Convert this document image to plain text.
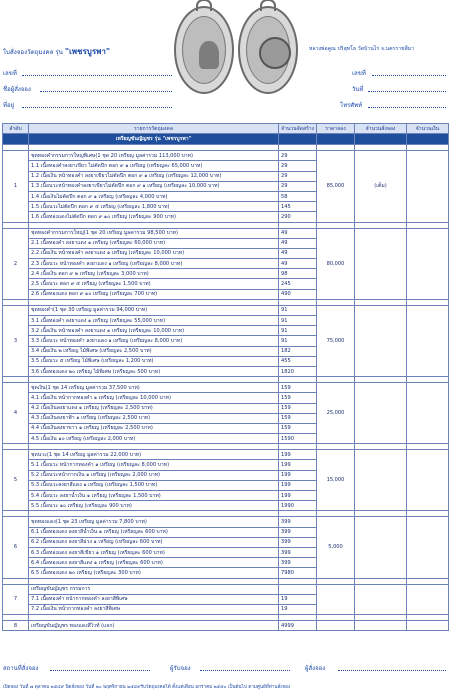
ใบสั่งจองวัตถุมงคล รุ่น "เพชรบูรพา"	หลวงพ่อคูณ ปริสุทโธ วัดบ้านไร่ จ.นครราชสีมา
เลขที่	เลขที่
ชื่อผู้สั่งจอง	วันที่
ที่อยู่	โทรศัพท์
ลำดับ	รายการวัตถุมงคล	จำนวนจัดสร้าง	ราคาจอง	จำนวนสั่งจอง	จำนวนเงิน
	เหรียญขันญัญชร รุ่น "เพชรบูรพา"				

1	ชุดทองคำกรรมการใหญ่พิเศษ(1 ชุด 20 เหรียญ มูลค่ารวม 113,000 บาท)	29	85,000	(เต็ม)	
	1.1 เนื้อทองคำลงยาเขียว ไม่ตัดปีก ตอก ๙ ๑ เหรียญ (เหรียญละ 65,000 บาท)	29			
	1.2 เนื้อเงิน หน้าทองคำ ลงยาเขียวไม่ตัดปีก ตอก ๙ ๑ เหรียญ (เหรียญละ 12,000 บาท)	29			
	1.3 เนื้อนวะหน้าทองคำลงยาเขียวไม่ตัดปีก ตอก ๙ ๑ เหรียญ (เหรียญละ 10,000 บาท)	29			
	1.4 เนื้อเงินไม่ตัดปีก ตอก ๙ ๑ เหรียญ (เหรียญละ 4,000 บาท)	58			
	1.5 เนื้อนวะไม่ตัดปีก ตอก ๙ ๕ เหรียญ (เหรียญละ 1,800 บาท)	145			
	1.6 เนื้อทองแดงไม่ตัดปีก ตอก ๙ ๑๐ เหรียญ (เหรียญละ 900 บาท)	290			

2	ชุดทองคำกรรมการใหญ่(1 ชุด 20 เหรียญ มูลค่ารวม 98,500 บาท)	49	80,000		
	2.1 เนื้อทองคำ ลงยาแดง ๑ เหรียญ (เหรียญละ 60,000 บาท)	49			
	2.2 เนื้อเงิน หน้าทองคำ ลงยาแดง ๑ เหรียญ (เหรียญละ 10,000 บาท)	49			
	2.3 เนื้อนวะ หน้าทองคำ ลงยาแดง ๑ เหรียญ (เหรียญละ 8,000 บาท)	49			
	2.4 เนื้อเงิน ตอก ๙ ๒ เหรียญ (เหรียญละ 3,000 บาท)	98			
	2.5 เนื้อนวะ ตอก ๙ ๕ เหรียญ (เหรียญละ 1,500 บาท)	245			
	2.6 เนื้อทองแดง ตอก ๙ ๑๐ เหรียญ (เหรียญละ 700 บาท)	490			

3	ชุดทองคำ(1 ชุด 30 เหรียญ มูลค่ารวม 94,000 บาท)	91	75,000		
	3.1 เนื้อทองคำ ลงยาแดง ๑ เหรียญ (เหรียญละ 55,000 บาท)	91			
	3.2 เนื้อเงิน หน้าทองคำ ลงยาแดง ๑ เหรียญ (เหรียญละ 10,000 บาท)	91			
	3.3 เนื้อนวะ หน้าทองคำ ลงยาแดง ๑ เหรียญ (เหรียญละ 8,000 บาท)	91			
	3.4 เนื้อเงิน ๒ เหรียญ ไม้พิเศษ (เหรียญละ 2,500 บาท)	182			
	3.5 เนื้อนวะ ๕ เหรียญ ไม้พิเศษ (เหรียญละ 1,200 บาท)	455			
	3.6 เนื้อทองแดง ๒๐ เหรียญ ไม้พิเศษ (เหรียญละ 500 บาท)	1820			

4	ชุดเงิน(1 ชุด 14 เหรียญ มูลค่ารวม 37,500 บาท)	159	25,000		
	4.1 เนื้อเงิน หน้ากากทองคำ ๑ เหรียญ (เหรียญละ 10,000 บาท)	159			
	4.2 เนื้อเงินลงยาแดง ๑ เหรียญ (เหรียญละ 2,500 บาท)	159			
	4.3 เนื้อเงินลงยาฟ้า ๑ เหรียญ (เหรียญละ 2,500 บาท)	159			
	4.4 เนื้อเงินลงยาขาว ๑ เหรียญ (เหรียญละ 2,500 บาท)	159			
	4.5 เนื้อเงิน ๑๐ เหรียญ (เหรียญละ 2,000 บาท)	1590			

5	ชุดนวะ(1 ชุด 14 เหรียญ มูลค่ารวม 22,000 บาท)	199	15,000		
	5.1 เนื้อนวะ หน้ากากทองคำ ๑ เหรียญ (เหรียญละ 8,000 บาท)	199			
	5.2 เนื้อนวะหน้ากากเงิน ๑ เหรียญ (เหรียญละ 2,000 บาท)	199			
	5.3 เนื้อนวะลงยาสีแดง ๑ เหรียญ (เหรียญละ 1,500 บาท)	199			
	5.4 เนื้อนวะ ลงยาน้ำเงิน ๑ เหรียญ (เหรียญละ 1,500 บาท)	199			
	5.5 เนื้อนวะ ๑๐ เหรียญ (เหรียญละ 900 บาท)	1990			

6	ชุดทองแดง(1 ชุด 23 เหรียญ มูลค่ารวม 7,800 บาท)	399	5,000		
	6.1 เนื้อทองแดง ลงยาสีน้ำเงิน ๑ เหรียญ (เหรียญละ 600 บาท)	399			
	6.2 เนื้อทองแดง ลงยาสีม่วง ๑ เหรียญ (เหรียญละ 600 บาท)	399			
	6.3 เนื้อทองแดง ลงยาสีเขียว ๑ เหรียญ (เหรียญละ 600 บาท)	399			
	6.4 เนื้อทองแดง ลงยาสีแดง ๑ เหรียญ (เหรียญละ 600 บาท)	399			
	6.5 เนื้อทองแดง ๒๐ เหรียญ (เหรียญละ 300 บาท)	7980			

7	เหรียญขันญัญชร กรรมการ				
	7.1 เนื้อทองคำ หน้ากากทองคำ ลงยาสีพิเศษ	19			
	7.2 เนื้อเงิน หน้ากากทองคำ ลงยาสีพิเศษ	19			

8	เหรียญขันญัญชร ทองแดงสีไวท์ (แจก)	4999			
สถานที่สั่งจอง	ผู้รับจอง	ผู้สั่งจอง
เปิดจอง วันที่ ๗ ตุลาคม ๒๕๔๙ ปิดสั่งจอง วันที่ ๒๐ พฤศจิกายน ๒๕๔๙รับวัตถุมงคลได้ ตั้งแต่เดือน มกราคม ๒๕๕๐ เป็นต้นไป ตามศูนย์ที่ท่านสั่งจอง
